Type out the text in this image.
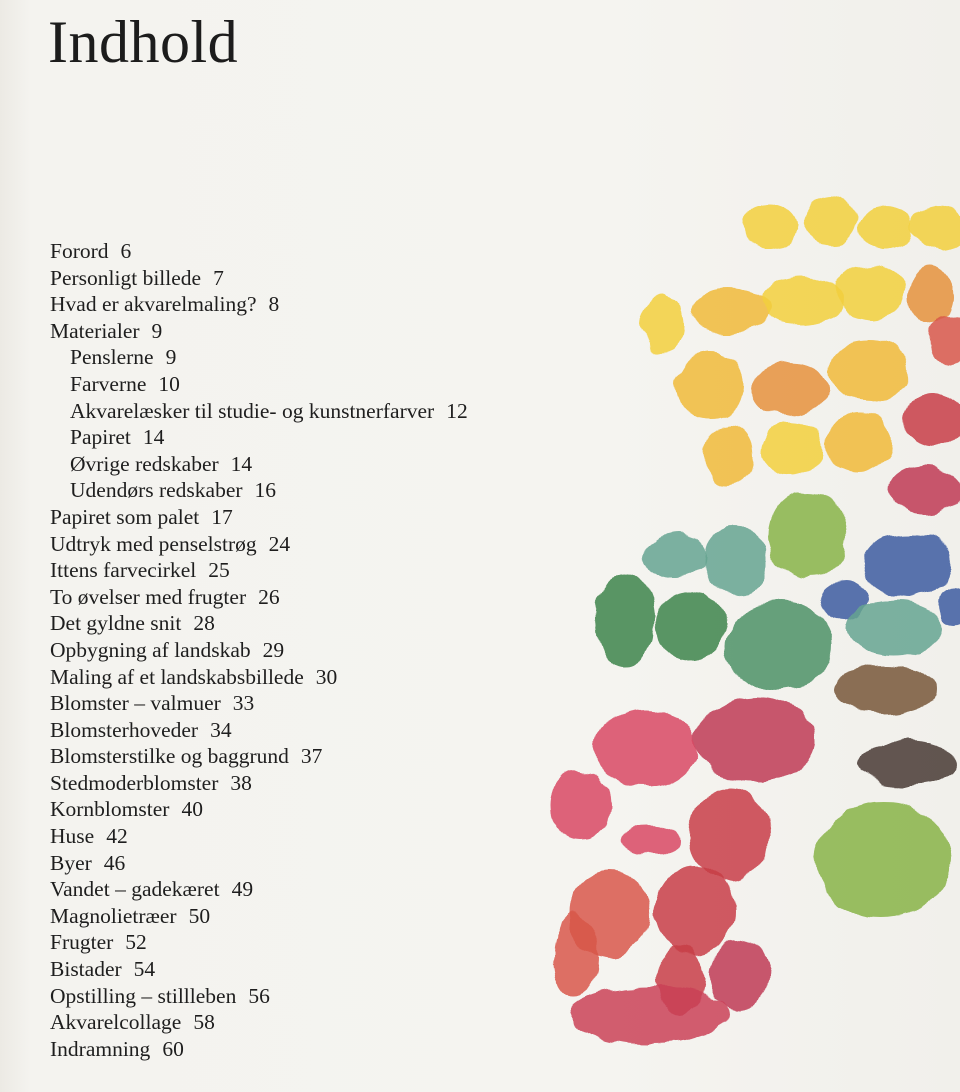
Indhold
Forord 6
Personligt billede 7
Hvad er akvarelmaling? 8
Materialer 9
Penslerne 9
Farverne 10
Akvarelæsker til studie- og kunstnerfarver 12
Papiret 14
Øvrige redskaber 14
Udendørs redskaber 16
Papiret som palet 17
Udtryk med penselstrøg 24
Ittens farvecirkel 25
To øvelser med frugter 26
Det gyldne snit 28
Opbygning af landskab 29
Maling af et landskabsbillede 30
Blomster – valmuer 33
Blomsterhoveder 34
Blomsterstilke og baggrund 37
Stedmoderblomster 38
Kornblomster 40
Huse 42
Byer 46
Vandet – gadekæret 49
Magnolietræer 50
Frugter 52
Bistader 54
Opstilling – stillleben 56
Akvarelcollage 58
Indramning 60
